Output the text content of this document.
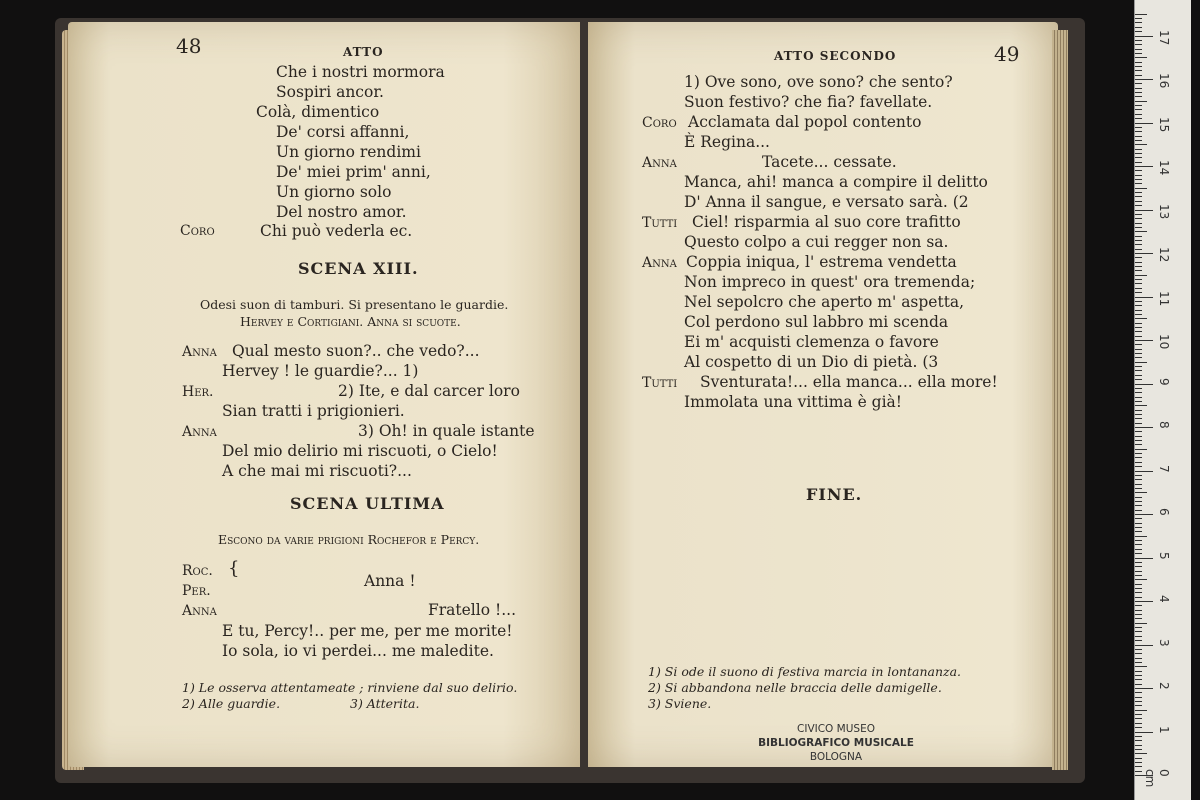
48	ATTO
Che i nostri mormora
Sospiri ancor.
Colà, dimentico
De' corsi affanni,
Un giorno rendimi
De' miei prim' anni,
Un giorno solo
Del nostro amor.
Coro	Chi può vederla ec.
SCENA XIII.
Odesi suon di tamburi. Si presentano le guardie.
Hervey e Cortigiani. Anna si scuote.
Anna Qual mesto suon?.. che vedo?...
Hervey ! le guardie?... 1)
Her.	2) Ite, e dal carcer loro
Sian tratti i prigionieri.
Anna	3) Oh! in quale istante
Del mio delirio mi riscuoti, o Cielo!
A che mai mi riscuoti?...
SCENA ULTIMA
Escono da varie prigioni Rochefor e Percy.
Roc.
Per.
{
Anna !
Anna	Fratello !...
E tu, Percy!.. per me, per me morite!
Io sola, io vi perdei... me maledite.
1) Le osserva attentameate ; rinviene dal suo delirio.
2) Alle guardie.	3) Atterita.
ATTO SECONDO	49
1) Ove sono, ove sono? che sento?
Suon festivo? che fia? favellate.
Coro Acclamata dal popol contento
È Regina...
Anna	Tacete... cessate.
Manca, ahi! manca a compire il delitto
D' Anna il sangue, e versato sarà. (2
Tutti Ciel! risparmia al suo core trafitto
Questo colpo a cui regger non sa.
Anna Coppia iniqua, l' estrema vendetta
Non impreco in quest' ora tremenda;
Nel sepolcro che aperto m' aspetta,
Col perdono sul labbro mi scenda
Ei m' acquisti clemenza o favore
Al cospetto di un Dio di pietà. (3
Tutti Sventurata!... ella manca... ella more!
Immolata una vittima è già!
FINE.
1) Si ode il suono di festiva marcia in lontananza.
2) Si abbandona nelle braccia delle damigelle.
3) Sviene.
CIVICO MUSEO
BIBLIOGRAFICO MUSICALE
BOLOGNA
0 cm
1
2
3
4
5
6
7
8
9
10
11
12
13
14
15
16
17
